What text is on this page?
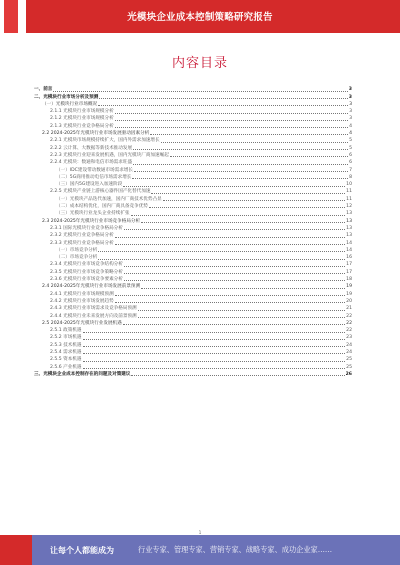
光模块企业成本控制策略研究报告
内容目录
一、前言	3
二、光模块行业市场分析及预测	3
（一）光模块行业市场概况	3
2.1.1 光模块行业市场规模分析	3
2.1.2 光模块行业市场规模分析	3
2.1.3 光模块行业竞争格局分析	4
2.2 2024-2025年光模块行业市场发展驱动因素分析	4
2.2.1 光模块市场规模持续扩大，国内外需求加速增长	5
2.2.2 云计算、大数据等新技术推动发展	5
2.2.3 光模块行业迎来发展机遇，国内光模块厂商加速崛起	6
2.2.4 光模块：数通和电信市场需求旺盛	6
（一）IDC建设带动数通市场需求增长	7
（二）5G商用推动电信市场需求增长	8
（三）国内5G建设进入加速阶段	10
2.2.5 光模块产业链上游核心器件国产化替代加速	11
（一）光模块产品迭代加速，国内厂商技术优势凸显	11
（二）成本结构优化，国内厂商具备竞争优势	12
（三）光模块行业龙头企业持续扩张	13
2.3 2024-2025年光模块行业市场竞争格局分析	13
2.3.1 国际光模块行业竞争格局分析	13
2.3.2 光模块行业竞争格局分析	13
2.3.3 光模块行业竞争格局分析	14
（一）市场竞争分析	14
（二）市场竞争分析	16
2.3.4 光模块行业市场竞争结构分析	17
2.3.5 光模块行业市场竞争策略分析	17
2.3.6 光模块行业市场竞争要素分析	18
2.4 2024-2025年光模块行业市场发展前景预测	19
2.4.1 光模块行业市场规模预测	19
2.4.2 光模块行业市场发展趋势	20
2.4.3 光模块行业市场需求及竞争格局预测	21
2.4.4 光模块行业未来发展方向及前景预测	22
2.5 2024-2025年光模块行业发展机遇	22
2.5.1 政策机遇	22
2.5.2 市场机遇	23
2.5.3 技术机遇	24
2.5.4 需求机遇	24
2.5.5 资本机遇	25
2.5.6 产业机遇	25
三、光模块企业成本控制存在的问题及对策建议	26
1
让每个人都能成为	行业专家、管理专家、营销专家、战略专家、成功企业家……
